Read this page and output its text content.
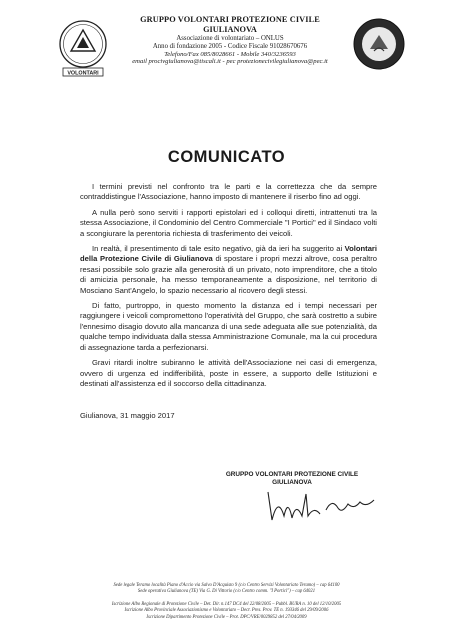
VOLONTARI
GRUPPO VOLONTARI PROTEZIONE CIVILE
GIULIANOVA
Associazione di volontariato – ONLUS
Anno di fondazione 2005 - Codice Fiscale 91028670676
Telefono/Fax 085/8028661 - Mobile 340/3236593
email procivgiulianova@tiscali.it - pec protezionecivilegiulianova@pec.it
COMUNICATO

I termini previsti nel confronto tra le parti e la correttezza che da sempre contraddistingue l'Associazione, hanno imposto di mantenere il riserbo fino ad oggi.

A nulla però sono serviti i rapporti epistolari ed i colloqui diretti, intrattenuti tra la stessa Associazione, il Condominio del Centro Commerciale "I Portici" ed il Sindaco volti a scongiurare la perentoria richiesta di trasferimento dei veicoli.

In realtà, il presentimento di tale esito negativo, già da ieri ha suggerito ai Volontari della Protezione Civile di Giulianova di spostare i propri mezzi altrove, cosa peraltro resasi possibile solo grazie alla generosità di un privato, noto imprenditore, che a titolo di amicizia personale, ha messo temporaneamente a disposizione, nel territorio di Mosciano Sant'Angelo, lo spazio necessario al ricovero degli stessi.

Di fatto, purtroppo, in questo momento la distanza ed i tempi necessari per raggiungere i veicoli compromettono l'operatività del Gruppo, che sarà costretto a subire l'ennesimo disagio dovuto alla mancanza di una sede adeguata alle sue potenzialità, da qualche tempo individuata dalla stessa Amministrazione Comunale, ma la cui procedura di assegnazione tarda a perfezionarsi.

Gravi ritardi inoltre subiranno le attività dell'Associazione nei casi di emergenza, ovvero di urgenza ed indifferibilità, poste in essere, a supporto delle Istituzioni e destinati all'assistenza ed il soccorso della cittadinanza.

Giulianova, 31 maggio 2017
GRUPPO VOLONTARI PROTEZIONE CIVILE
GIULIANOVA
Sede legale Teramo località Piano d'Accio via Salvo D'Acquisto 9 (c/o Centro Servizi Volontariato Teramo) – cap 64100
Sede operativa Giulianova (TE) Via G. Di Vittorio (c/o Centro comm. "I Portici") – cap 64021
Iscrizione Albo Regionale di Protezione Civile – Det. Dir. n.147 DC4 del 22/08/2005 – Pubbl. BURA n. 10 del 12/10/2005
Iscrizione Albo Provinciale Associazionismo e Volontariato – Decr. Pres. Prov. TE n. 193346 del 29/09/2006
Iscrizione Dipartimento Protezione Civile – Prot. DPC/VRE/0029852 del 27/04/2009
